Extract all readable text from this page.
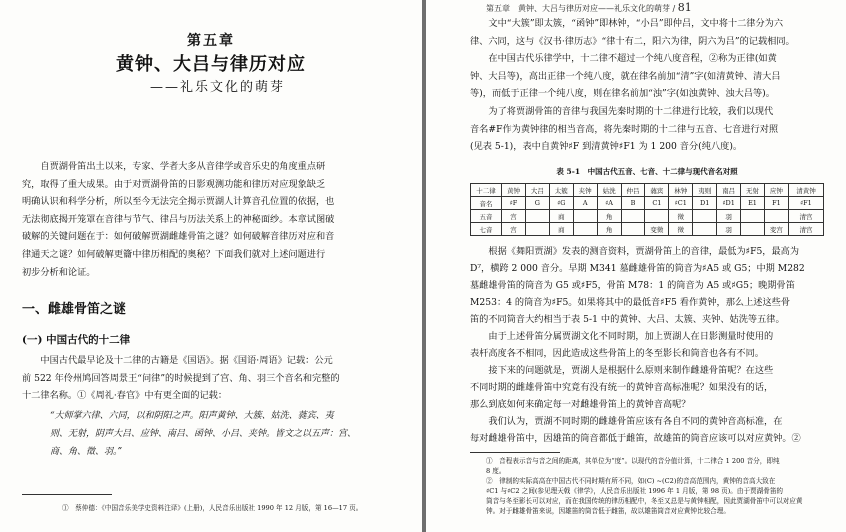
第五章
黄钟、大吕与律历对应
——礼乐文化的萌芽
自贾湖骨笛出土以来，专家、学者大多从音律学或音乐史的角度重点研
究，取得了重大成果。由于对贾湖骨笛的日影观测功能和律历对应现象缺乏
明确认识和科学分析，所以至今无法完全揭示贾湖人计算音孔位置的依据，也
无法彻底揭开笼罩在音律与节气、律吕与历法关系上的神秘面纱。本章试图破
破解的关键问题在于：如何破解贾湖雌雄骨笛之谜？如何破解音律历对应和音
律通天之谜？如何破解更籥中律历相配的奥秘？下面我们就对上述问题进行
初步分析和论证。
一、雌雄骨笛之谜
(一) 中国古代的十二律
中国古代最早论及十二律的古籍是《国语》。据《国语·周语》记载：公元
前 522 年伶州鸠回答周景王“问律”的时候提到了宫、角、羽三个音名和完整的
十二律名称。①《周礼·春官》中有更全面的记载：
“大师掌六律、六同，以和阴阳之声。阳声黄钟、大簇、姑洗、蕤宾、夷
则、无射，阴声大吕、应钟、南吕、函钟、小吕、夹钟。皆文之以五声：宫、
商、角、徵、羽。”
①　蔡仲德：《中国音乐美学史资料注译》(上册)，人民音乐出版社 1990 年 12 月版，第 16—17 页。
第五章　黄钟、大吕与律历对应——礼乐文化的萌芽 / 81
文中“大簇”即太簇，“函钟”即林钟，“小吕”即仲吕，文中将十二律分为六
律、六同，这与《汉书·律历志》“律十有二，阳六为律，阴六为吕”的记载相同。
在中国古代乐律学中，十二律不超过一个纯八度音程，②称为正律(如黄
钟、大吕等)，高出正律一个纯八度，就在律名前加“清”字(如清黄钟、清大吕
等)，而低于正律一个纯八度，则在律名前加“浊”字(如浊黄钟、浊大吕等)。
为了将贾湖骨笛的音律与我国先秦时期的十二律进行比较，我们以现代
音名#F作为黄钟律的相当音高，将先秦时期的十二律与五音、七音进行对照
(见表 5-1)，表中自黄钟♯F 到清黄钟♯F1 为 1 200 音分(纯八度)。
表 5-1　中国古代五音、七音、十二律与现代音名对照
十二律	黄钟	大吕	太簇	夹钟	姑洗	仲吕	蕤宾	林钟	夷则	南吕	无射	应钟	清黄钟
音名	♯F	G	♯G	A	♯A	B	C1	♯C1	D1	♯D1	E1	F1	♯F1
五音	宫		商		角			徵		羽			清宫
七音	宫		商		角		变徵	徵		羽		变宫	清宫
根据《舞阳贾湖》发表的测音资料，贾湖骨笛上的音律，最低为♯F5，最高为
D⁷，横跨 2 000 音分。早期 M341 墓雌雄骨笛的筒音为♯A5 或 G5；中期 M282
墓雌雄骨笛的筒音为 G5 或♯F5，骨笛 M78：1 的筒音为 A5 或♯G5；晚期骨笛
M253：4 的筒音为♯F5。如果将其中的最低音♯F5 看作黄钟，那么上述这些骨
笛的不同筒音大约相当于表 5-1 中的黄钟、大吕、太簇、夹钟、姑洗等五律。
由于上述骨笛分属贾湖文化不同时期，加上贾湖人在日影测量时使用的
表杆高度各不相同，因此造成这些骨笛上的冬至影长和筒音也各有不同。
接下来的问题就是，贾湖人是根据什么原则来制作雌雄骨笛呢？在这些
不同时期的雌雄骨笛中究竟有没有统一的黄钟音高标准呢？如果没有的话，
那么到底如何来确定每一对雌雄骨笛上的黄钟音高呢？
我们认为，贾湖不同时期的雌雄骨笛应该有各自不同的黄钟音高标准，在
每对雌雄骨笛中，因雄笛的筒音都低于雌笛，故雄笛的筒音应该可以对应黄钟。②
①　音程表示音与音之间的距离，其单位为“度”。以现代的音分值计算，十二律合 1 200 音分，即纯
8 度。
②　律制的实际高高在中国古代不同时期有所不同，如(C) ~(C2)的音高范围内，黄钟的音高大致在
♯C1 与♯C2 之间(参见理天戟《律学》，人民音乐出版社 1996 年 1 月版，第 98 页)。由于贾湖骨笛的
筒音与冬至影长可以对应，而在我国传统的律历相配中，冬至又总是与黄钟相配，因此贾湖骨笛中可以对应黄
钟。对于雌雄骨笛来说，因雄笛的筒音低于雌笛，故以雄笛筒音对应黄钟比较合理。
